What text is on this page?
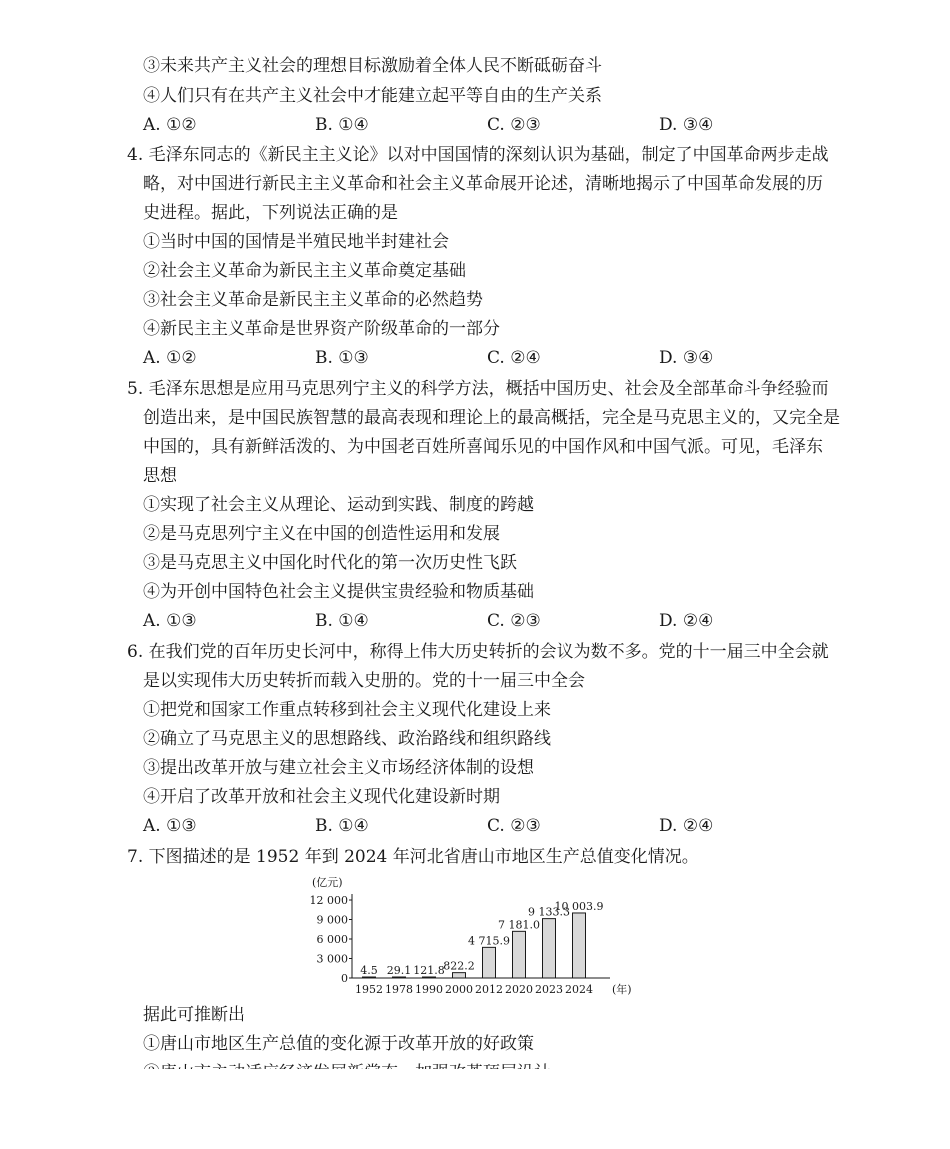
③未来共产主义社会的理想目标激励着全体人民不断砥砺奋斗
④人们只有在共产主义社会中才能建立起平等自由的生产关系
A. ①②	B. ①④	C. ②③	D. ③④
4. 毛泽东同志的《新民主主义论》以对中国国情的深刻认识为基础，制定了中国革命两步走战
略，对中国进行新民主主义革命和社会主义革命展开论述，清晰地揭示了中国革命发展的历
史进程。据此，下列说法正确的是
①当时中国的国情是半殖民地半封建社会
②社会主义革命为新民主主义革命奠定基础
③社会主义革命是新民主主义革命的必然趋势
④新民主主义革命是世界资产阶级革命的一部分
A. ①②	B. ①③	C. ②④	D. ③④
5. 毛泽东思想是应用马克思列宁主义的科学方法，概括中国历史、社会及全部革命斗争经验而
创造出来，是中国民族智慧的最高表现和理论上的最高概括，完全是马克思主义的，又完全是
中国的，具有新鲜活泼的、为中国老百姓所喜闻乐见的中国作风和中国气派。可见，毛泽东
思想
①实现了社会主义从理论、运动到实践、制度的跨越
②是马克思列宁主义在中国的创造性运用和发展
③是马克思主义中国化时代化的第一次历史性飞跃
④为开创中国特色社会主义提供宝贵经验和物质基础
A. ①③	B. ①④	C. ②③	D. ②④
6. 在我们党的百年历史长河中，称得上伟大历史转折的会议为数不多。党的十一届三中全会就
是以实现伟大历史转折而载入史册的。党的十一届三中全会
①把党和国家工作重点转移到社会主义现代化建设上来
②确立了马克思主义的思想路线、政治路线和组织路线
③提出改革开放与建立社会主义市场经济体制的设想
④开启了改革开放和社会主义现代化建设新时期
A. ①③	B. ①④	C. ②③	D. ②④
7. 下图描述的是 1952 年到 2024 年河北省唐山市地区生产总值变化情况。
(亿元)
0
3 000
6 000
9 000
12 000
4.5 29.1 121.8
822.2
4 715.9
7 181.0
9 133.3
10 003.9
1952 1978 1990 2000 2012 2020 2023 2024 (年)
据此可推断出
①唐山市地区生产总值的变化源于改革开放的好政策
